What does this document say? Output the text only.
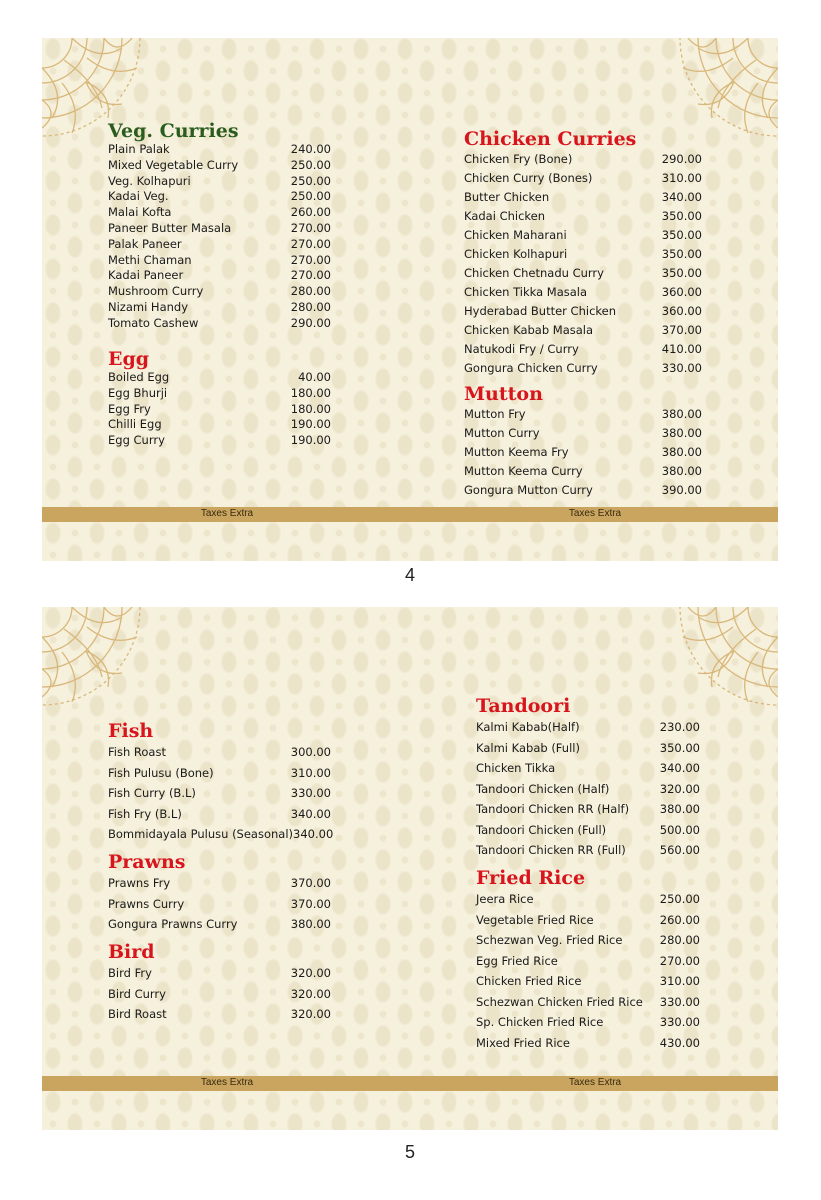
Veg. Curries
Plain Palak	240.00
Mixed Vegetable Curry	250.00
Veg. Kolhapuri	250.00
Kadai Veg.	250.00
Malai Kofta	260.00
Paneer Butter Masala	270.00
Palak Paneer	270.00
Methi Chaman	270.00
Kadai Paneer	270.00
Mushroom Curry	280.00
Nizami Handy	280.00
Tomato Cashew	290.00
Egg
Boiled Egg	40.00
Egg Bhurji	180.00
Egg Fry	180.00
Chilli Egg	190.00
Egg Curry	190.00
Chicken Curries
Chicken Fry (Bone)	290.00
Chicken Curry (Bones)	310.00
Butter Chicken	340.00
Kadai Chicken	350.00
Chicken Maharani	350.00
Chicken Kolhapuri	350.00
Chicken Chetnadu Curry	350.00
Chicken Tikka Masala	360.00
Hyderabad Butter Chicken	360.00
Chicken Kabab Masala	370.00
Natukodi Fry / Curry	410.00
Gongura Chicken Curry	330.00
Mutton
Mutton Fry	380.00
Mutton Curry	380.00
Mutton Keema Fry	380.00
Mutton Keema Curry	380.00
Gongura Mutton Curry	390.00
Taxes Extra	Taxes Extra
4
Fish
Fish Roast	300.00
Fish Pulusu (Bone)	310.00
Fish Curry (B.L)	330.00
Fish Fry (B.L)	340.00
Bommidayala Pulusu (Seasonal) 340.00
Prawns
Prawns Fry	370.00
Prawns Curry	370.00
Gongura Prawns Curry	380.00
Bird
Bird Fry	320.00
Bird Curry	320.00
Bird Roast	320.00
Tandoori
Kalmi Kabab(Half)	230.00
Kalmi Kabab (Full)	350.00
Chicken Tikka	340.00
Tandoori Chicken (Half)	320.00
Tandoori Chicken RR (Half)	380.00
Tandoori Chicken (Full)	500.00
Tandoori Chicken RR (Full)	560.00
Fried Rice
Jeera Rice	250.00
Vegetable Fried Rice	260.00
Schezwan Veg. Fried Rice	280.00
Egg Fried Rice	270.00
Chicken Fried Rice	310.00
Schezwan Chicken Fried Rice 330.00
Sp. Chicken Fried Rice	330.00
Mixed Fried Rice	430.00
Taxes Extra	Taxes Extra
5
